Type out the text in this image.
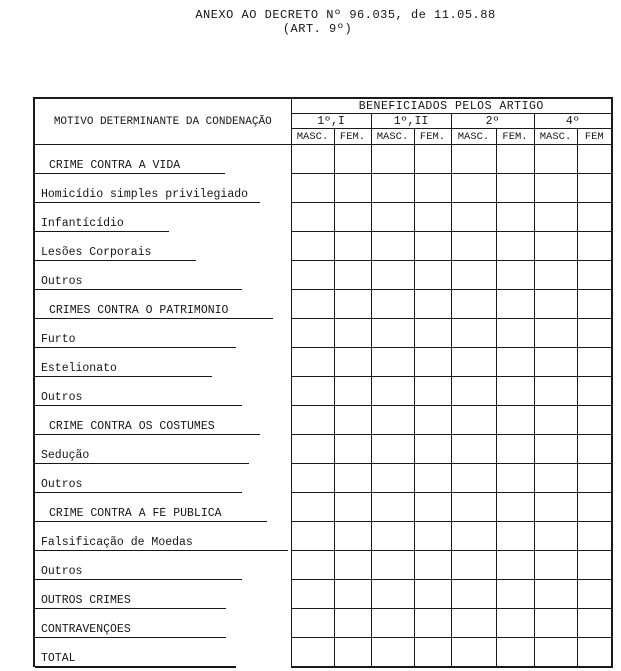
ANEXO AO DECRETO Nº 96.035, de 11.05.88
(ART. 9º)
MOTIVO DETERMINANTE DA CONDENAÇÃO	BENEFICIADOS PELOS ARTIGO							
	1º,I		1º,II		2º		4º	
	MASC.	FEM.	MASC.	FEM.	MASC.	FEM.	MASC.	FEM

CRIME CONTRA A VIDA								

Homicídio simples privilegiado								

Infantícídio								

Lesões Corporais								

Outros								

CRIMES CONTRA O PATRIMÔNIO								

Furto								

Estelionato								

Outros								

CRIME CONTRA OS COSTUMES								

Sedução								

Outros								

CRIME CONTRA A FÉ PÚBLICA								

Falsificação de Moedas								

Outros								

OUTROS CRIMES								

CONTRAVENÇÕES								

TOTAL								
